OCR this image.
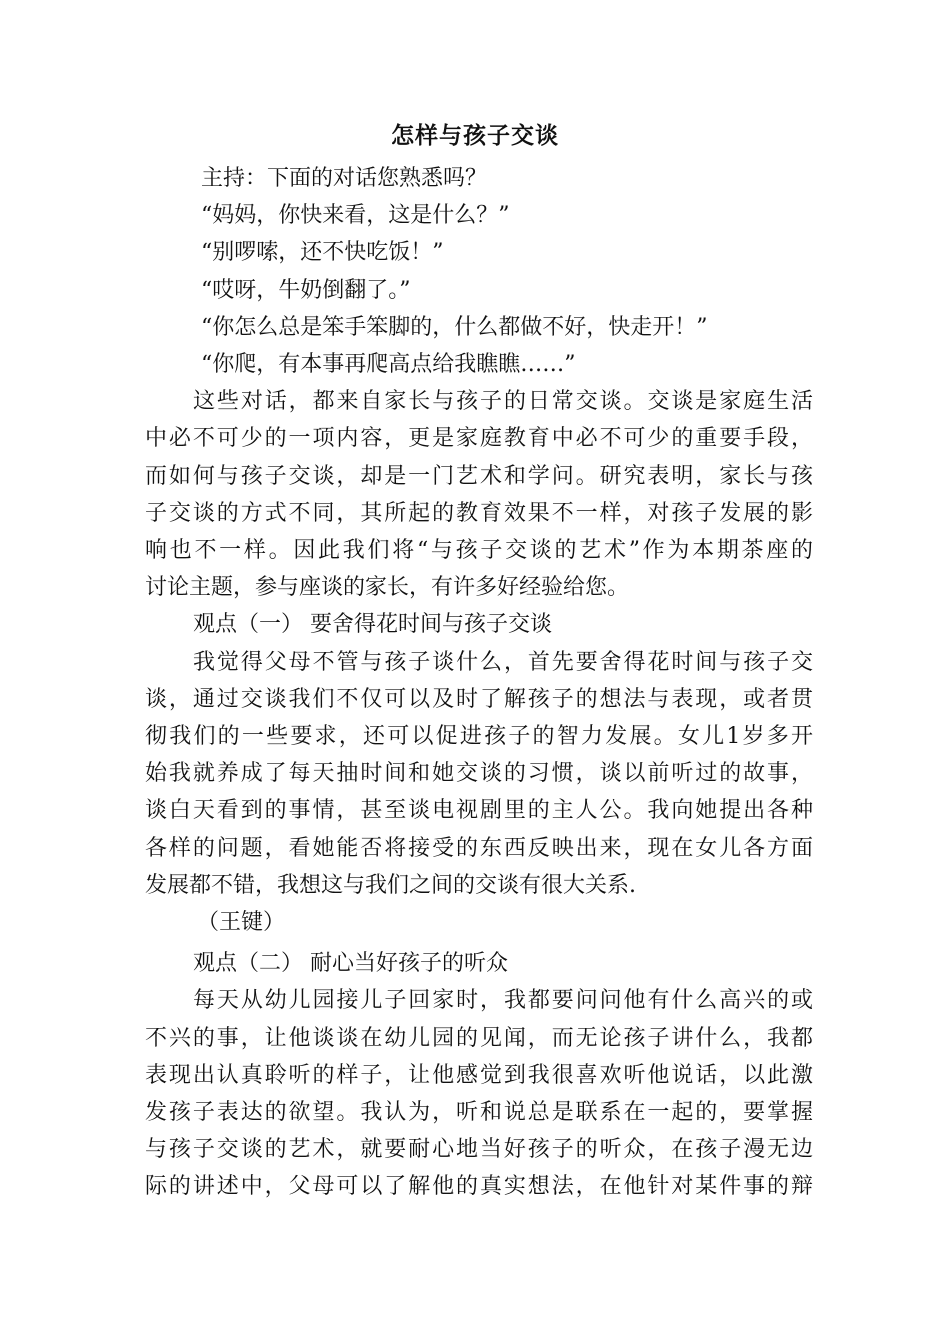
怎样与孩子交谈
主持：下面的对话您熟悉吗？
“妈妈，你快来看，这是什么？”
“别啰嗦，还不快吃饭！”
“哎呀，牛奶倒翻了。”
“你怎么总是笨手笨脚的，什么都做不好，快走开！”
“你爬，有本事再爬高点给我瞧瞧……”
这些对话，都来自家长与孩子的日常交谈。交谈是家庭生活
中必不可少的一项内容，更是家庭教育中必不可少的重要手段，
而如何与孩子交谈，却是一门艺术和学问。研究表明，家长与孩
子交谈的方式不同，其所起的教育效果不一样，对孩子发展的影
响也不一样。因此我们将“与孩子交谈的艺术”作为本期茶座的
讨论主题，参与座谈的家长，有许多好经验给您。
观点（一） 要舍得花时间与孩子交谈
我觉得父母不管与孩子谈什么，首先要舍得花时间与孩子交
谈，通过交谈我们不仅可以及时了解孩子的想法与表现，或者贯
彻我们的一些要求，还可以促进孩子的智力发展。女儿1岁多开
始我就养成了每天抽时间和她交谈的习惯，谈以前听过的故事，
谈白天看到的事情，甚至谈电视剧里的主人公。我向她提出各种
各样的问题，看她能否将接受的东西反映出来，现在女儿各方面
发展都不错，我想这与我们之间的交谈有很大关系.
（王键）
观点（二） 耐心当好孩子的听众
每天从幼儿园接儿子回家时，我都要问问他有什么高兴的或
不兴的事，让他谈谈在幼儿园的见闻，而无论孩子讲什么，我都
表现出认真聆听的样子，让他感觉到我很喜欢听他说话，以此激
发孩子表达的欲望。我认为，听和说总是联系在一起的，要掌握
与孩子交谈的艺术，就要耐心地当好孩子的听众，在孩子漫无边
际的讲述中，父母可以了解他的真实想法，在他针对某件事的辩
